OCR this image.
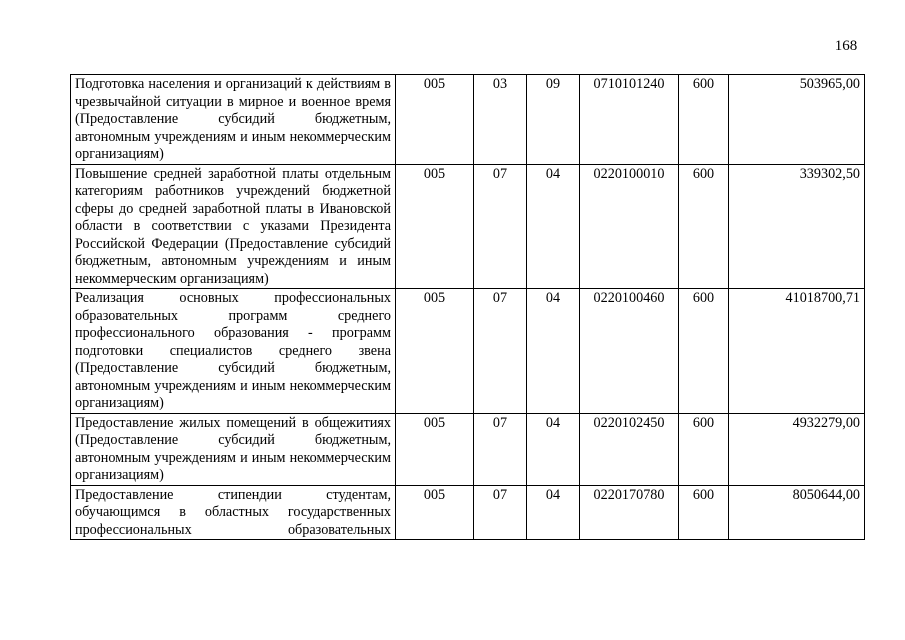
168
Подготовка населения и организаций к действиям в чрезвычайной ситуации в мирное и военное время (Предоставление субсидий бюджетным, автономным учреждениям и иным некоммерческим организациям)	005	03	09	0710101240	600	503965,00
Повышение средней заработной платы отдельным категориям работников учреждений бюджетной сферы до средней заработной платы в Ивановской области в соответствии с указами Президента Российской Федерации (Предоставление субсидий бюджетным, автономным учреждениям и иным некоммерческим организациям)	005	07	04	0220100010	600	339302,50
Реализация основных профессиональных образовательных программ среднего профессионального образования - программ подготовки специалистов среднего звена (Предоставление субсидий бюджетным, автономным учреждениям и иным некоммерческим организациям)	005	07	04	0220100460	600	41018700,71
Предоставление жилых помещений в общежитиях (Предоставление субсидий бюджетным, автономным учреждениям и иным некоммерческим организациям)	005	07	04	0220102450	600	4932279,00
Предоставление стипендии студентам, обучающимся в областных государственных профессиональных образовательных	005	07	04	0220170780	600	8050644,00
